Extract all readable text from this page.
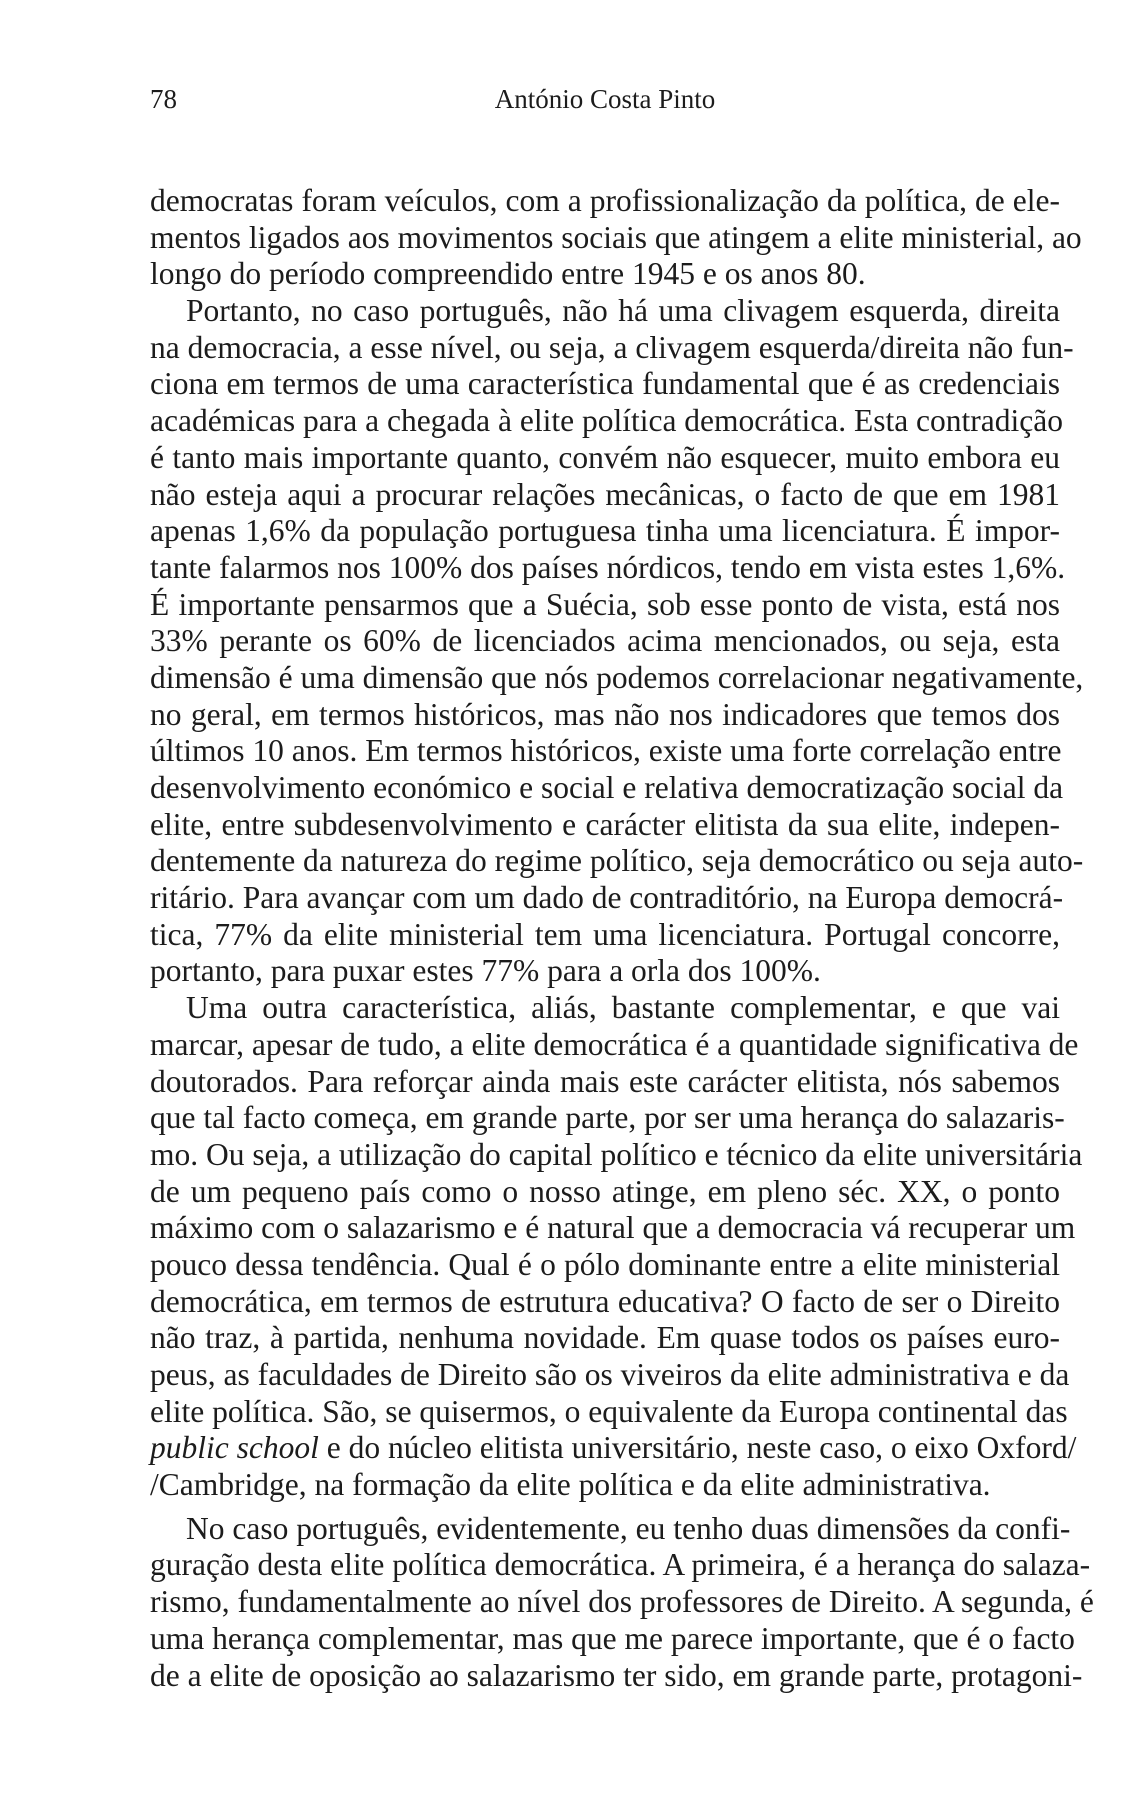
78	António Costa Pinto
democratas foram veículos, com a profissionalização da política, de ele-
mentos ligados aos movimentos sociais que atingem a elite ministerial, ao
longo do período compreendido entre 1945 e os anos 80.
Portanto, no caso português, não há uma clivagem esquerda, direita
na democracia, a esse nível, ou seja, a clivagem esquerda/direita não fun-
ciona em termos de uma característica fundamental que é as credenciais
académicas para a chegada à elite política democrática. Esta contradição
é tanto mais importante quanto, convém não esquecer, muito embora eu
não esteja aqui a procurar relações mecânicas, o facto de que em 1981
apenas 1,6% da população portuguesa tinha uma licenciatura. É impor-
tante falarmos nos 100% dos países nórdicos, tendo em vista estes 1,6%.
É importante pensarmos que a Suécia, sob esse ponto de vista, está nos
33% perante os 60% de licenciados acima mencionados, ou seja, esta
dimensão é uma dimensão que nós podemos correlacionar negativamente,
no geral, em termos históricos, mas não nos indicadores que temos dos
últimos 10 anos. Em termos históricos, existe uma forte correlação entre
desenvolvimento económico e social e relativa democratização social da
elite, entre subdesenvolvimento e carácter elitista da sua elite, indepen-
dentemente da natureza do regime político, seja democrático ou seja auto-
ritário. Para avançar com um dado de contraditório, na Europa democrá-
tica, 77% da elite ministerial tem uma licenciatura. Portugal concorre,
portanto, para puxar estes 77% para a orla dos 100%.
Uma outra característica, aliás, bastante complementar, e que vai
marcar, apesar de tudo, a elite democrática é a quantidade significativa de
doutorados. Para reforçar ainda mais este carácter elitista, nós sabemos
que tal facto começa, em grande parte, por ser uma herança do salazaris-
mo. Ou seja, a utilização do capital político e técnico da elite universitária
de um pequeno país como o nosso atinge, em pleno séc. XX, o ponto
máximo com o salazarismo e é natural que a democracia vá recuperar um
pouco dessa tendência. Qual é o pólo dominante entre a elite ministerial
democrática, em termos de estrutura educativa? O facto de ser o Direito
não traz, à partida, nenhuma novidade. Em quase todos os países euro-
peus, as faculdades de Direito são os viveiros da elite administrativa e da
elite política. São, se quisermos, o equivalente da Europa continental das
public school e do núcleo elitista universitário, neste caso, o eixo Oxford/
/Cambridge, na formação da elite política e da elite administrativa.
No caso português, evidentemente, eu tenho duas dimensões da confi-
guração desta elite política democrática. A primeira, é a herança do salaza-
rismo, fundamentalmente ao nível dos professores de Direito. A segunda, é
uma herança complementar, mas que me parece importante, que é o facto
de a elite de oposição ao salazarismo ter sido, em grande parte, protagoni-
